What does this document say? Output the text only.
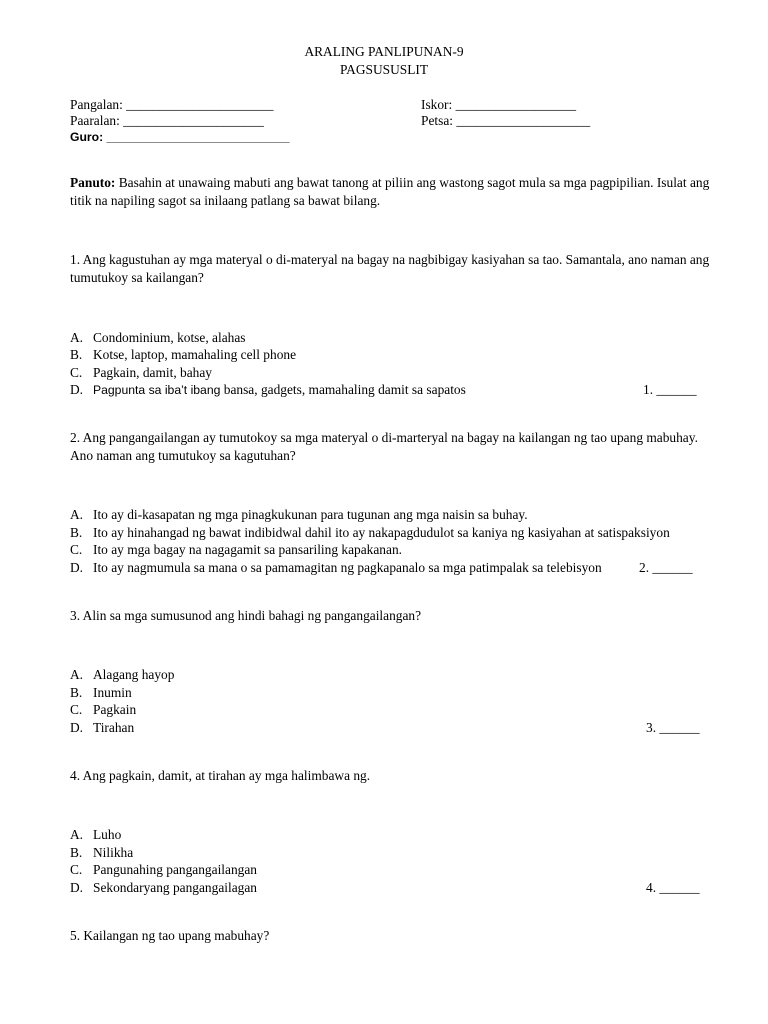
ARALING PANLIPUNAN-9
PAGSUSUSLIT
Pangalan: ______________________
Paaralan: _____________________
Guro: ___________________________
Iskor: __________________
Petsa: ____________________
Panuto: Basahin at unawaing mabuti ang bawat tanong at piliin ang wastong sagot mula sa mga pagpipilian. Isulat ang titik na napiling sagot sa inilaang patlang sa bawat bilang.
1. Ang kagustuhan ay mga materyal o di-materyal na bagay na nagbibigay kasiyahan sa tao. Samantala, ano naman ang tumutukoy sa kailangan?
A. Condominium, kotse, alahas
B. Kotse, laptop, mamahaling cell phone
C. Pagkain, damit, bahay
D. Pagpunta sa iba’t ibang bansa, gadgets, mamahaling damit sa sapatos	1. ______
2. Ang pangangailangan ay tumutokoy sa mga materyal o di-marteryal na bagay na kailangan ng tao upang mabuhay. Ano naman ang tumutukoy sa kagutuhan?
A. Ito ay di-kasapatan ng mga pinagkukunan para tugunan ang mga naisin sa buhay.
B. Ito ay hinahangad ng bawat indibidwal dahil ito ay nakapagdudulot sa kaniya ng kasiyahan at satispaksiyon
C. Ito ay mga bagay na nagagamit sa pansariling kapakanan.
D. Ito ay nagmumula sa mana o sa pamamagitan ng pagkapanalo sa mga patimpalak sa telebisyon	2. ______
3. Alin sa mga sumusunod ang hindi bahagi ng pangangailangan?
A. Alagang hayop
B. Inumin
C. Pagkain
D. Tirahan	3. ______
4. Ang pagkain, damit, at tirahan ay mga halimbawa ng.
A. Luho
B. Nilikha
C. Pangunahing pangangailangan
D. Sekondaryang pangangailagan	4. ______
5. Kailangan ng tao upang mabuhay?
